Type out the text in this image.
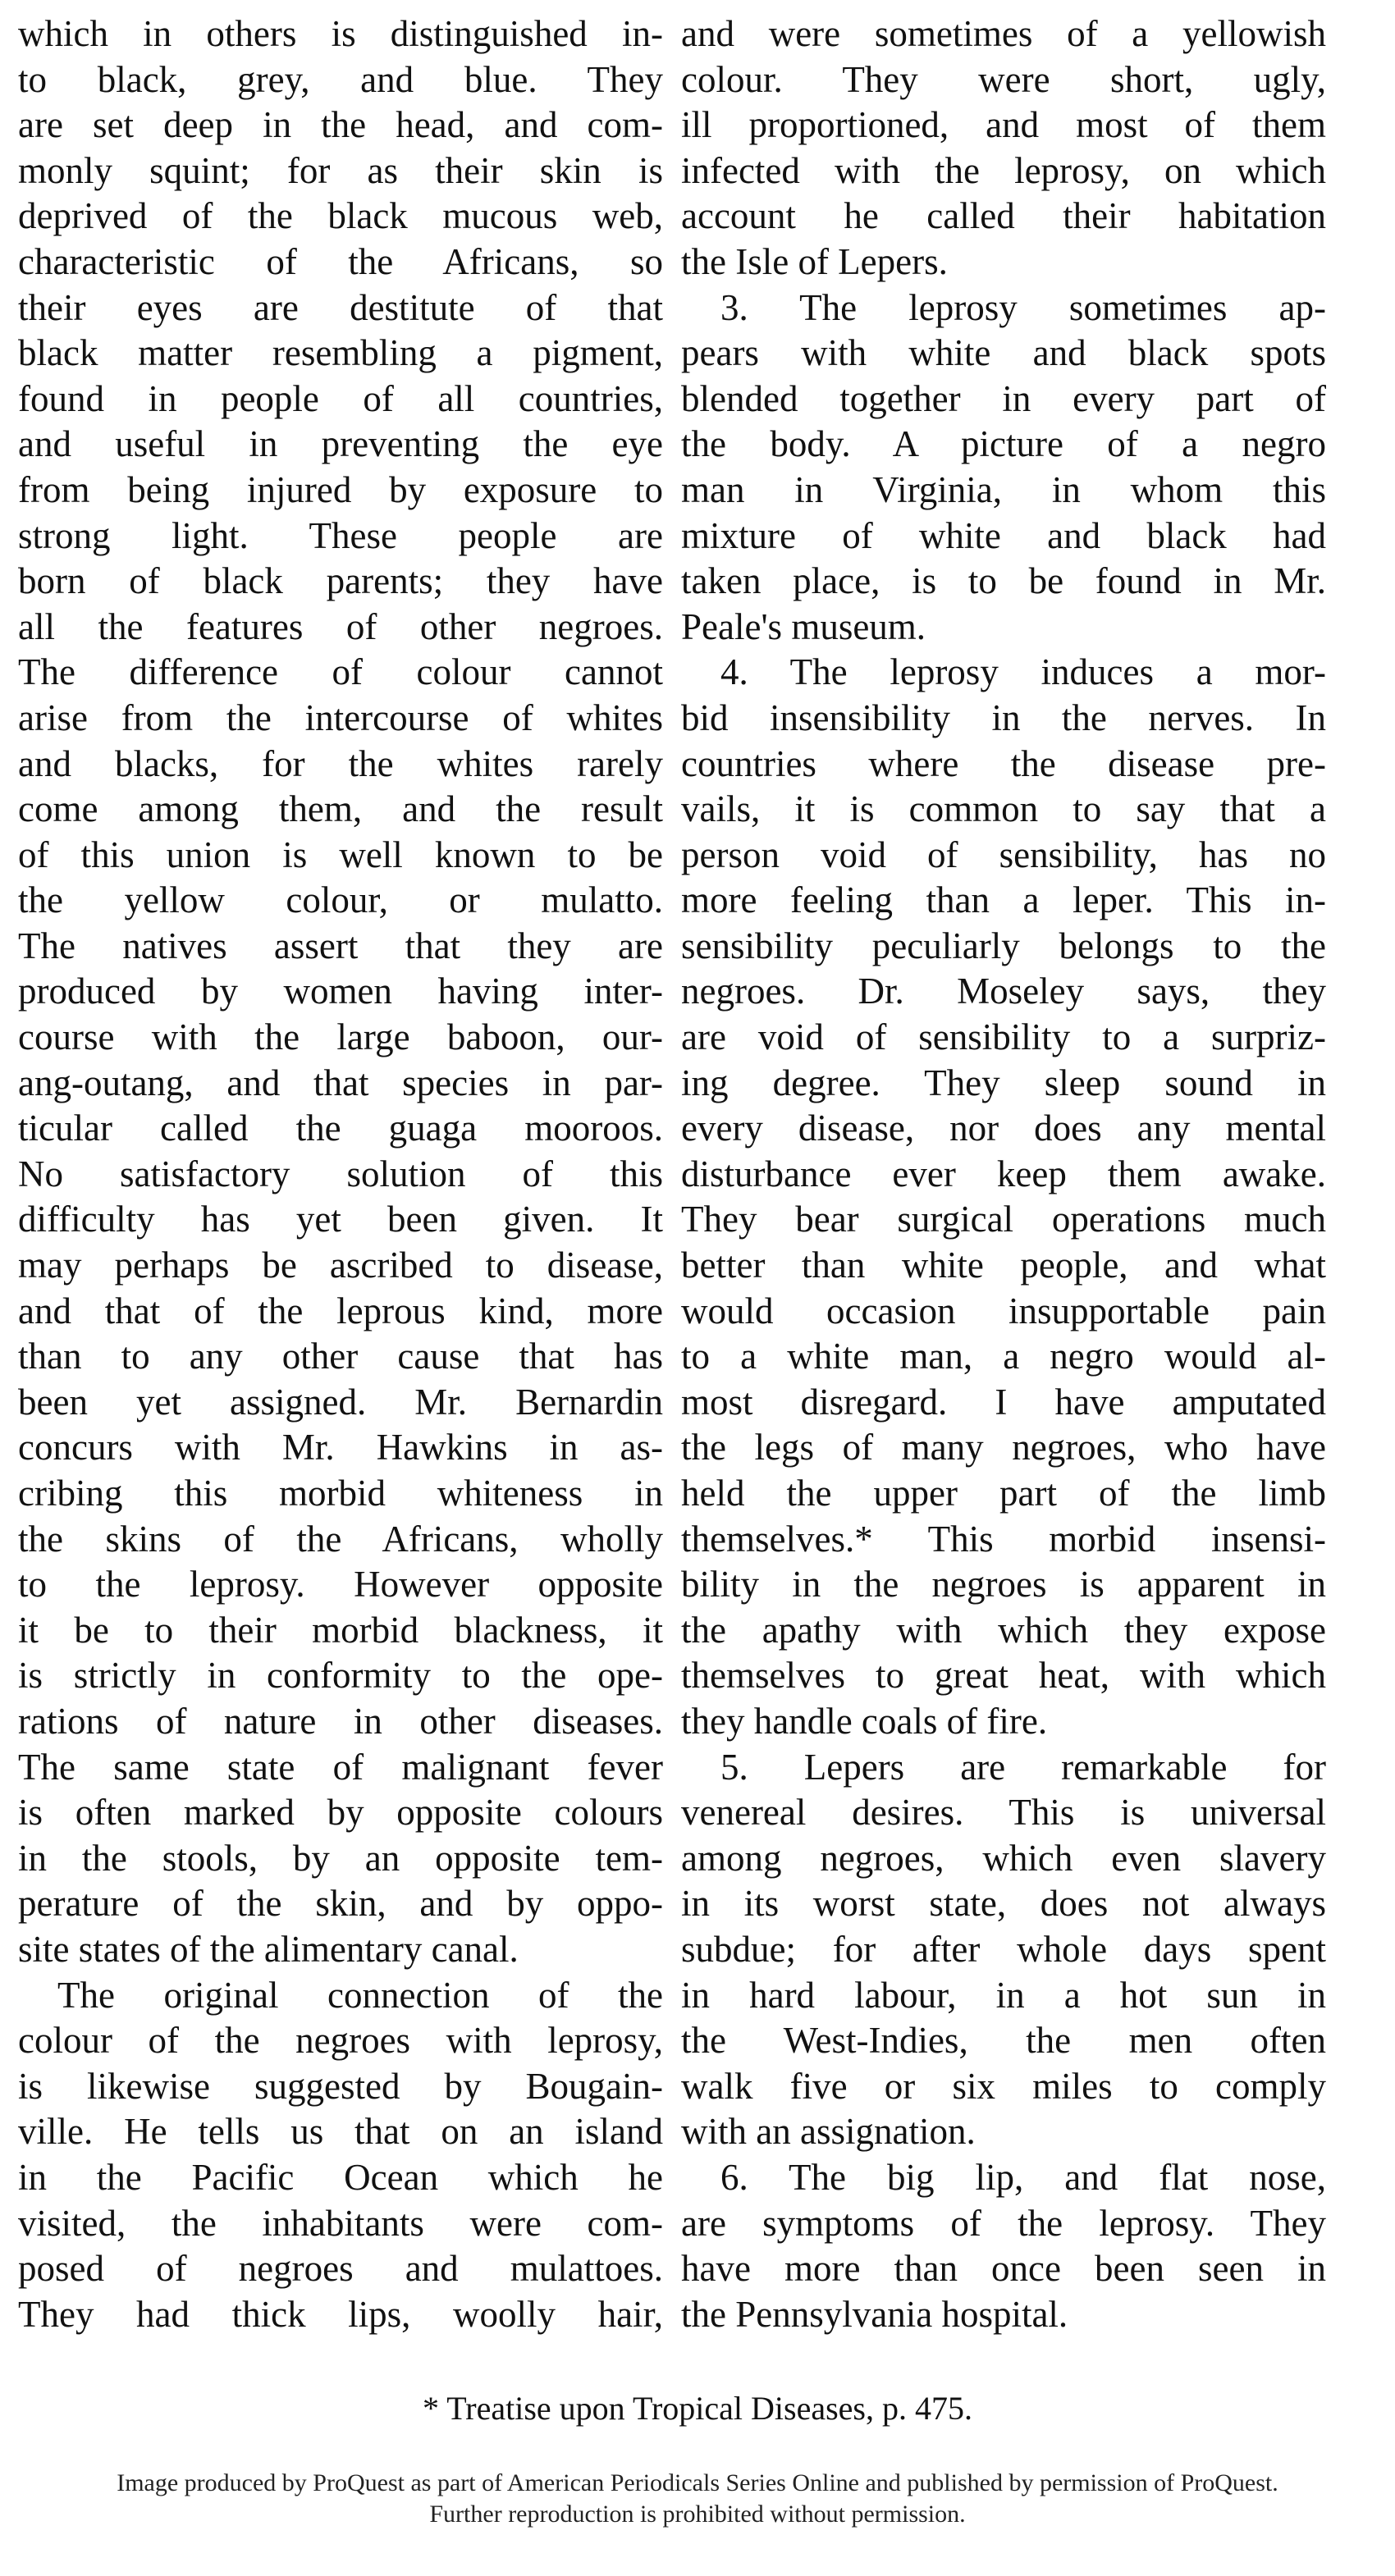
which in others is distinguished in-
to black, grey, and blue. They
are set deep in the head, and com-
monly squint; for as their skin is
deprived of the black mucous web,
characteristic of the Africans, so
their eyes are destitute of that
black matter resembling a pigment,
found in people of all countries,
and useful in preventing the eye
from being injured by exposure to
strong light. These people are
born of black parents; they have
all the features of other negroes.
The difference of colour cannot
arise from the intercourse of whites
and blacks, for the whites rarely
come among them, and the result
of this union is well known to be
the yellow colour, or mulatto.
The natives assert that they are
produced by women having inter-
course with the large baboon, our-
ang-outang, and that species in par-
ticular called the guaga mooroos.
No satisfactory solution of this
difficulty has yet been given. It
may perhaps be ascribed to disease,
and that of the leprous kind, more
than to any other cause that has
been yet assigned. Mr. Bernardin
concurs with Mr. Hawkins in as-
cribing this morbid whiteness in
the skins of the Africans, wholly
to the leprosy. However opposite
it be to their morbid blackness, it
is strictly in conformity to the ope-
rations of nature in other diseases.
The same state of malignant fever
is often marked by opposite colours
in the stools, by an opposite tem-
perature of the skin, and by oppo-
site states of the alimentary canal.
The original connection of the
colour of the negroes with leprosy,
is likewise suggested by Bougain-
ville. He tells us that on an island
in the Pacific Ocean which he
visited, the inhabitants were com-
posed of negroes and mulattoes.
They had thick lips, woolly hair,
and were sometimes of a yellowish
colour. They were short, ugly,
ill proportioned, and most of them
infected with the leprosy, on which
account he called their habitation
the Isle of Lepers.
3. The leprosy sometimes ap-
pears with white and black spots
blended together in every part of
the body. A picture of a negro
man in Virginia, in whom this
mixture of white and black had
taken place, is to be found in Mr.
Peale's museum.
4. The leprosy induces a mor-
bid insensibility in the nerves. In
countries where the disease pre-
vails, it is common to say that a
person void of sensibility, has no
more feeling than a leper. This in-
sensibility peculiarly belongs to the
negroes. Dr. Moseley says, they
are void of sensibility to a surpriz-
ing degree. They sleep sound in
every disease, nor does any mental
disturbance ever keep them awake.
They bear surgical operations much
better than white people, and what
would occasion insupportable pain
to a white man, a negro would al-
most disregard. I have amputated
the legs of many negroes, who have
held the upper part of the limb
themselves.* This morbid insensi-
bility in the negroes is apparent in
the apathy with which they expose
themselves to great heat, with which
they handle coals of fire.
5. Lepers are remarkable for
venereal desires. This is universal
among negroes, which even slavery
in its worst state, does not always
subdue; for after whole days spent
in hard labour, in a hot sun in
the West-Indies, the men often
walk five or six miles to comply
with an assignation.
6. The big lip, and flat nose,
are symptoms of the leprosy. They
have more than once been seen in
the Pennsylvania hospital.
* Treatise upon Tropical Diseases, p. 475.
Image produced by ProQuest as part of American Periodicals Series Online and published by permission of ProQuest.
Further reproduction is prohibited without permission.
